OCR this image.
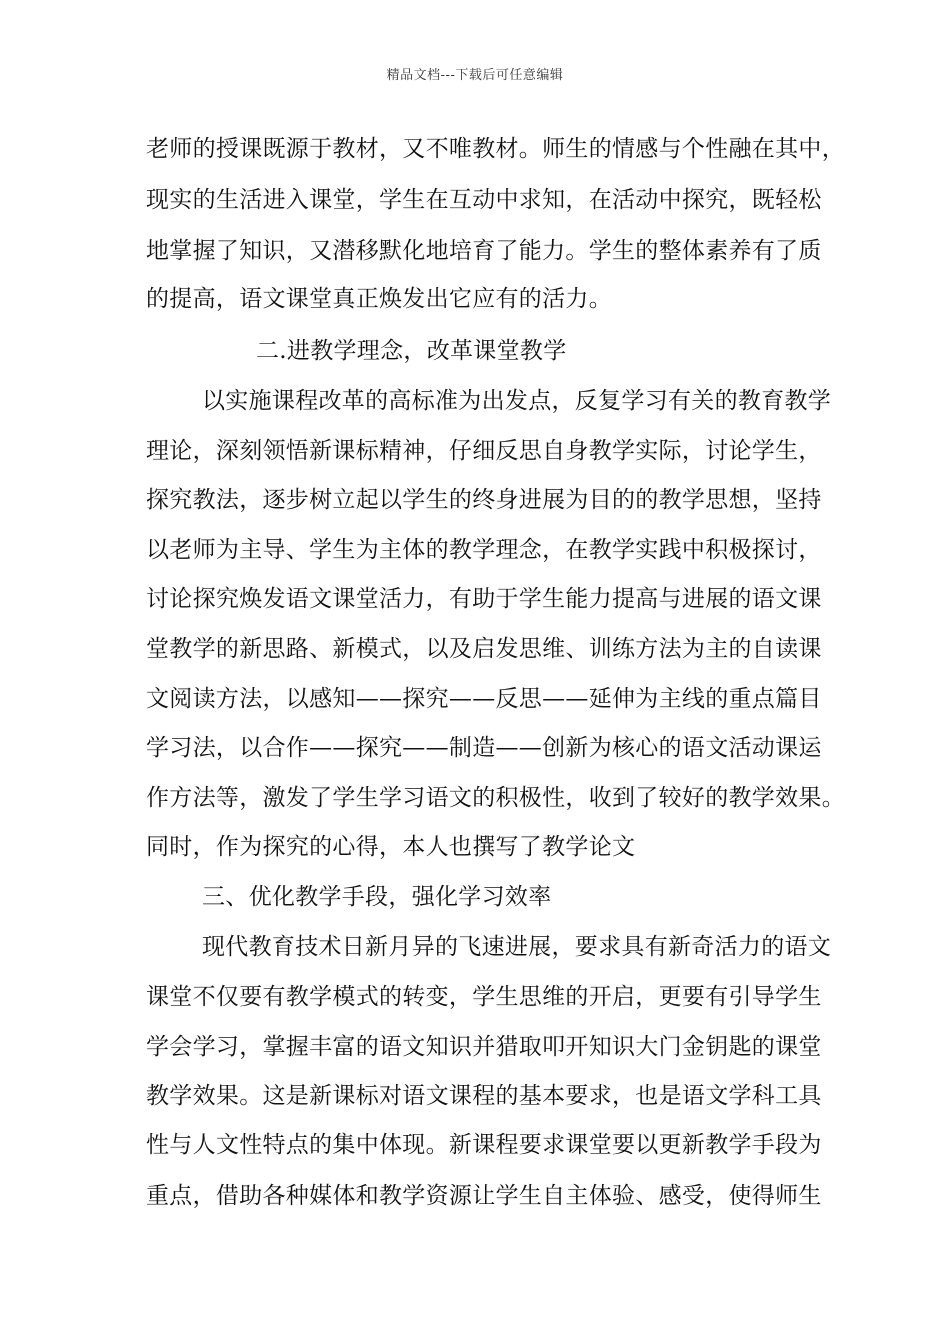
精品文档---下载后可任意编辑
老师的授课既源于教材，又不唯教材。师生的情感与个性融在其中，
现实的生活进入课堂，学生在互动中求知，在活动中探究，既轻松
地掌握了知识，又潜移默化地培育了能力。学生的整体素养有了质
的提高，语文课堂真正焕发出它应有的活力。
二.进教学理念，改革课堂教学
以实施课程改革的高标准为出发点，反复学习有关的教育教学
理论，深刻领悟新课标精神，仔细反思自身教学实际，讨论学生，
探究教法，逐步树立起以学生的终身进展为目的的教学思想，坚持
以老师为主导、学生为主体的教学理念，在教学实践中积极探讨，
讨论探究焕发语文课堂活力，有助于学生能力提高与进展的语文课
堂教学的新思路、新模式，以及启发思维、训练方法为主的自读课
文阅读方法，以感知——探究——反思——延伸为主线的重点篇目
学习法，以合作——探究——制造——创新为核心的语文活动课运
作方法等，激发了学生学习语文的积极性，收到了较好的教学效果。
同时，作为探究的心得，本人也撰写了教学论文
三、优化教学手段，强化学习效率
现代教育技术日新月异的飞速进展，要求具有新奇活力的语文
课堂不仅要有教学模式的转变，学生思维的开启，更要有引导学生
学会学习，掌握丰富的语文知识并猎取叩开知识大门金钥匙的课堂
教学效果。这是新课标对语文课程的基本要求，也是语文学科工具
性与人文性特点的集中体现。新课程要求课堂要以更新教学手段为
重点，借助各种媒体和教学资源让学生自主体验、感受，使得师生
